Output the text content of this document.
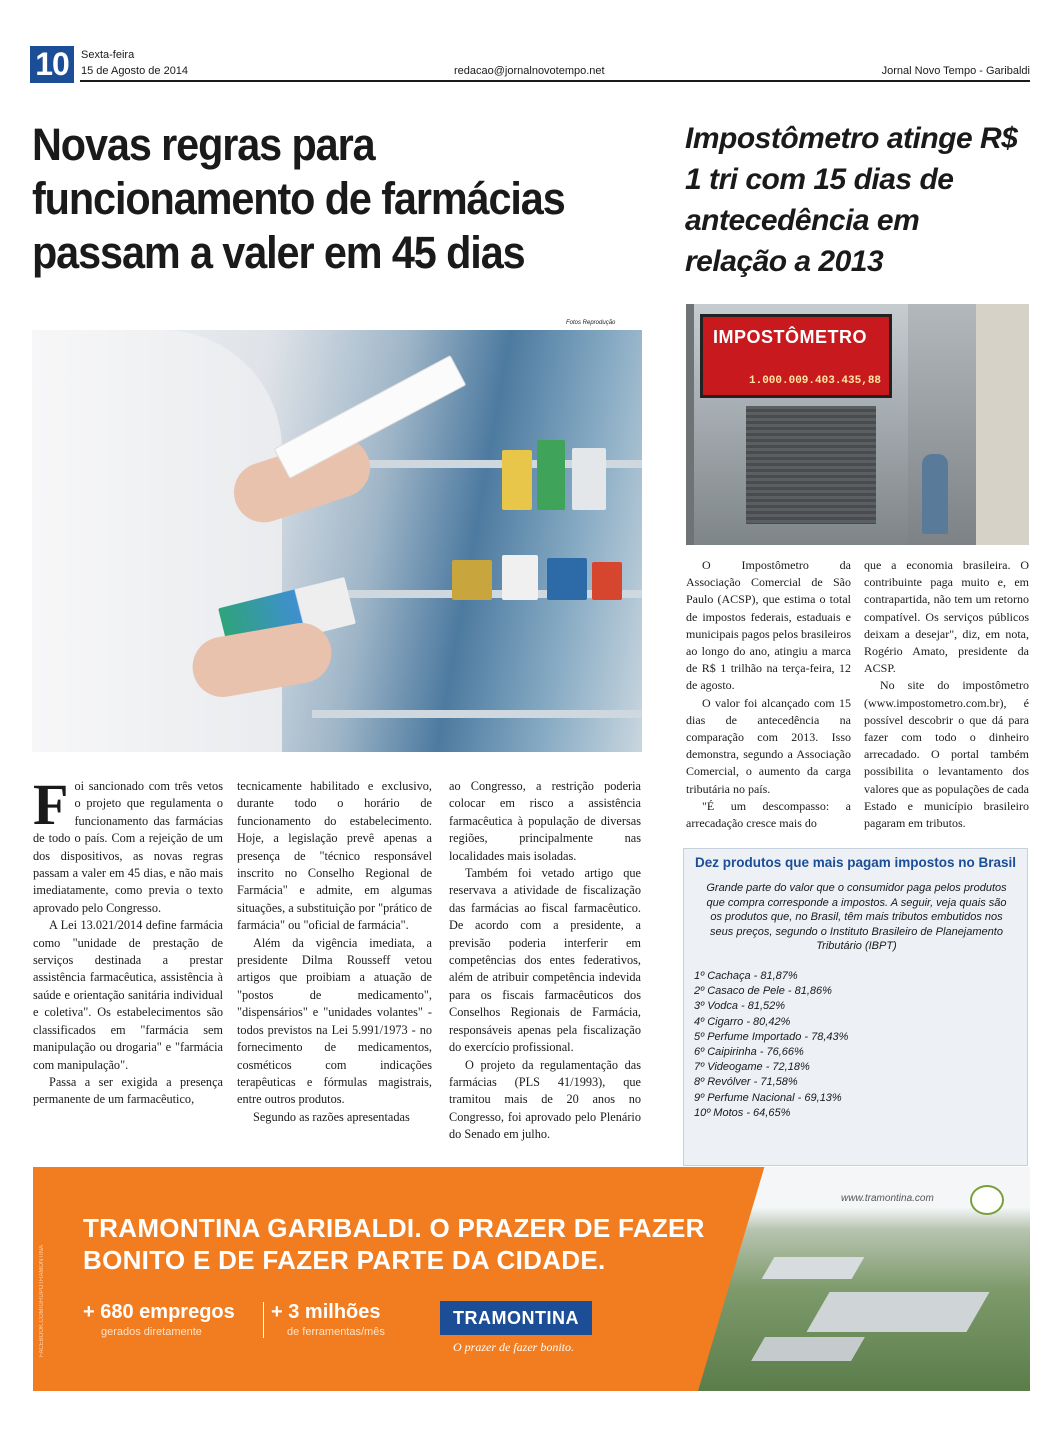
10	Sexta-feira
15 de Agosto de 2014	redacao@jornalnovotempo.net	Jornal Novo Tempo - Garibaldi
Novas regras para funcionamento de farmácias passam a valer em 45 dias
Fotos Reprodução

Foi sancionado com três vetos o projeto que regulamenta o funcionamento das farmácias de todo o país. Com a rejeição de um dos dispositivos, as novas regras passam a valer em 45 dias, e não mais imediatamente, como previa o texto aprovado pelo Congresso.

A Lei 13.021/2014 define farmácia como "unidade de prestação de serviços destinada a prestar assistência farmacêutica, assistência à saúde e orientação sanitária individual e coletiva". Os estabelecimentos são classificados em "farmácia sem manipulação ou drogaria" e "farmácia com manipulação".

Passa a ser exigida a presença permanente de um farmacêutico,

tecnicamente habilitado e exclusivo, durante todo o horário de funcionamento do estabelecimento. Hoje, a legislação prevê apenas a presença de "técnico responsável inscrito no Conselho Regional de Farmácia" e admite, em algumas situações, a substituição por "prático de farmácia" ou "oficial de farmácia".

Além da vigência imediata, a presidente Dilma Rousseff vetou artigos que proibiam a atuação de "postos de medicamento", "dispensários" e "unidades volantes" - todos previstos na Lei 5.991/1973 - no fornecimento de medicamentos, cosméticos com indicações terapêuticas e fórmulas magistrais, entre outros produtos.

Segundo as razões apresentadas

ao Congresso, a restrição poderia colocar em risco a assistência farmacêutica à população de diversas regiões, principalmente nas localidades mais isoladas.

Também foi vetado artigo que reservava a atividade de fiscalização das farmácias ao fiscal farmacêutico. De acordo com a presidente, a previsão poderia interferir em competências dos entes federativos, além de atribuir competência indevida para os fiscais farmacêuticos dos Conselhos Regionais de Farmácia, responsáveis apenas pela fiscalização do exercício profissional.

O projeto da regulamentação das farmácias (PLS 41/1993), que tramitou mais de 20 anos no Congresso, foi aprovado pelo Plenário do Senado em julho.

Impostômetro atinge R$ 1 tri com 15 dias de antecedência em relação a 2013
IMPOSTÔMETRO
1.000.009.403.435,88

O Impostômetro da Associação Comercial de São Paulo (ACSP), que estima o total de impostos federais, estaduais e municipais pagos pelos brasileiros ao longo do ano, atingiu a marca de R$ 1 trilhão na terça-feira, 12 de agosto.

O valor foi alcançado com 15 dias de antecedência na comparação com 2013. Isso demonstra, segundo a Associação Comercial, o aumento da carga tributária no país.

"É um descompasso: a arrecadação cresce mais do

que a economia brasileira. O contribuinte paga muito e, em contrapartida, não tem um retorno compatível. Os serviços públicos deixam a desejar", diz, em nota, Rogério Amato, presidente da ACSP.

No site do impostômetro (www.impostometro.com.br), é possível descobrir o que dá para fazer com todo o dinheiro arrecadado. O portal também possibilita o levantamento dos valores que as populações de cada Estado e município brasileiro pagaram em tributos.

Dez produtos que mais pagam impostos no Brasil
Grande parte do valor que o consumidor paga pelos produtos que compra corresponde a impostos. A seguir, veja quais são os produtos que, no Brasil, têm mais tributos embutidos nos seus preços, segundo o Instituto Brasileiro de Planejamento Tributário (IBPT)
1º Cachaça - 81,87%
2º Casaco de Pele - 81,86%
3º Vodca - 81,52%
4º Cigarro - 80,42%
5º Perfume Importado - 78,43%
6º Caipirinha - 76,66%
7º Videogame - 72,18%
8º Revólver - 71,58%
9º Perfume Nacional - 69,13%
10º Motos - 64,65%
FACEBOOK.COM/GRUPOTRAMONTINA
TRAMONTINA GARIBALDI. O PRAZER DE FAZER
BONITO E DE FAZER PARTE DA CIDADE.
+ 680 empregos
gerados diretamente
+ 3 milhões
de ferramentas/mês
TRAMONTINA
O prazer de fazer bonito.
www.tramontina.com
